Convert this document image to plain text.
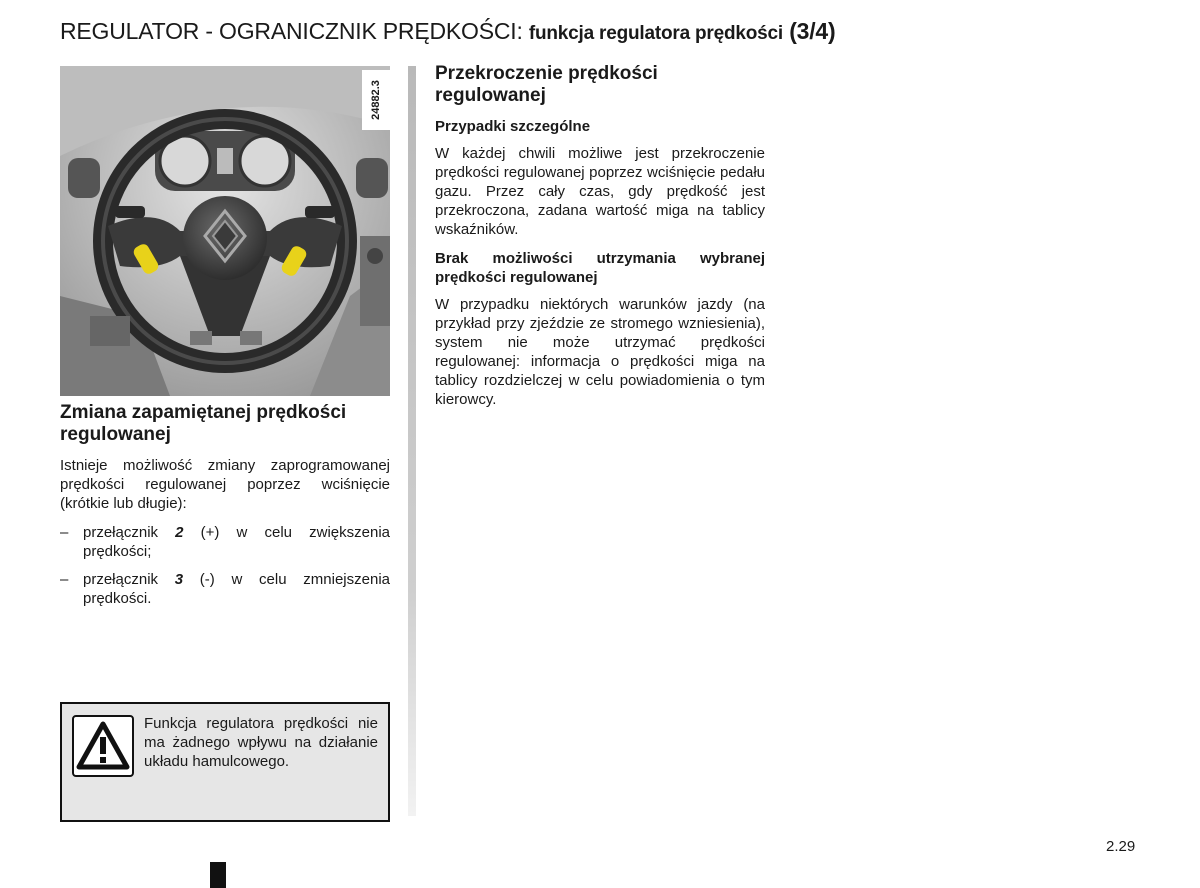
REGULATOR - OGRANICZNIK PRĘDKOŚCI: funkcja regulatora prędkości (3/4)
24882.3
Zmiana zapamiętanej prędkości regulowanej

Istnieje możliwość zmiany zaprogramowanej prędkości regulowanej poprzez wciśnięcie (krótkie lub długie):

– przełącznik 2 (+) w celu zwiększenia prędkości;
– przełącznik 3 (-) w celu zmniejszenia prędkości.
Przekroczenie prędkości regulowanej
Przypadki szczególne

W każdej chwili możliwe jest przekroczenie prędkości regulowanej poprzez wciśnięcie pedału gazu. Przez cały czas, gdy prędkość jest przekroczona, zadana wartość miga na tablicy wskaźników.

Brak możliwości utrzymania wybranej prędkości regulowanej

W przypadku niektórych warunków jazdy (na przykład przy zjeździe ze stromego wzniesienia), system nie może utrzymać prędkości regulowanej: informacja o prędkości miga na tablicy rozdzielczej w celu powiadomienia o tym kierowcy.

Funkcja regulatora prędkości nie ma żadnego wpływu na działanie układu hamulcowego.
2.29
